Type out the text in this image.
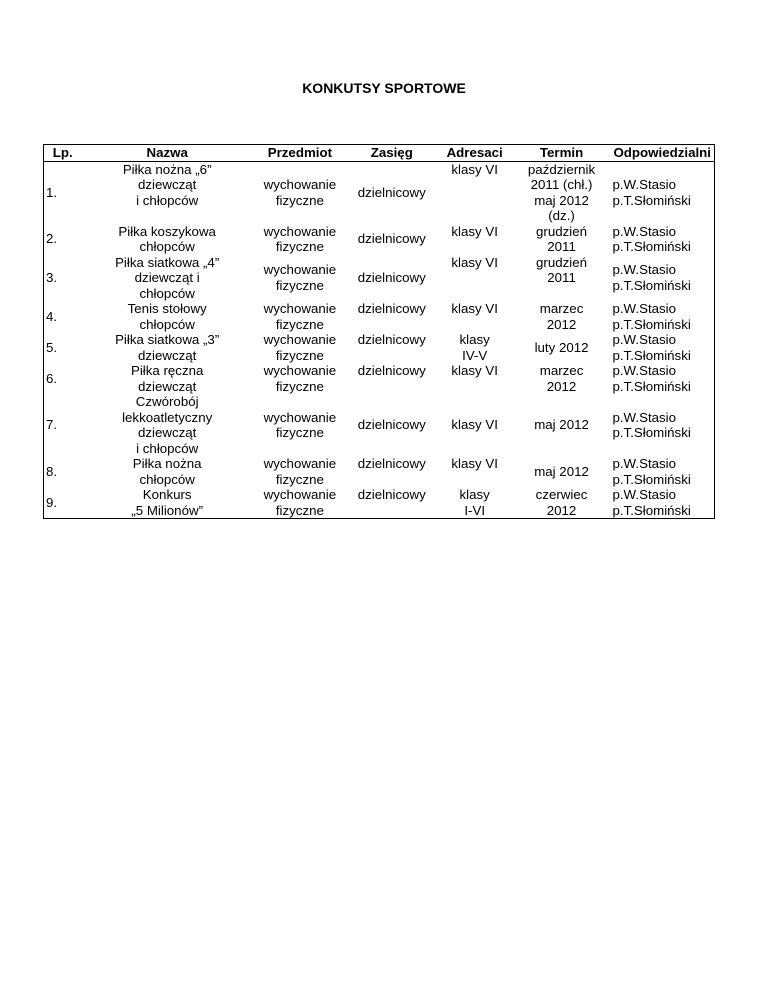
KONKUTSY SPORTOWE
Lp.	Nazwa	Przedmiot	Zasięg	Adresaci	Termin	Odpowiedzialni
1.	Piłka nożna „6”
dziewcząt
i chłopców	wychowanie
fizyczne	dzielnicowy	klasy VI	październik
2011 (chł.)
maj 2012
(dz.)	p.W.Stasio
p.T.Słomiński

2.	Piłka koszykowa
chłopców	wychowanie
fizyczne	dzielnicowy	klasy VI	grudzień
2011	p.W.Stasio
p.T.Słomiński

3.	Piłka siatkowa „4”
dziewcząt i
chłopców	wychowanie
fizyczne	dzielnicowy	klasy VI	grudzień
2011	p.W.Stasio
p.T.Słomiński

4.	Tenis stołowy
chłopców	wychowanie
fizyczne	dzielnicowy	klasy VI	marzec
2012	p.W.Stasio
p.T.Słomiński

5.	Piłka siatkowa „3”
dziewcząt	wychowanie
fizyczne	dzielnicowy	klasy
IV-V	luty 2012	p.W.Stasio
p.T.Słomiński

6.	Piłka ręczna
dziewcząt	wychowanie
fizyczne	dzielnicowy	klasy VI	marzec
2012	p.W.Stasio
p.T.Słomiński

7.	Czwórobój
lekkoatletyczny
dziewcząt
i chłopców	wychowanie
fizyczne	dzielnicowy	klasy VI	maj 2012	p.W.Stasio
p.T.Słomiński

8.	Piłka nożna
chłopców	wychowanie
fizyczne	dzielnicowy	klasy VI	maj 2012	p.W.Stasio
p.T.Słomiński

9.	Konkurs
„5 Milionów”	wychowanie
fizyczne	dzielnicowy	klasy
I-VI	czerwiec
2012	p.W.Stasio
p.T.Słomiński
